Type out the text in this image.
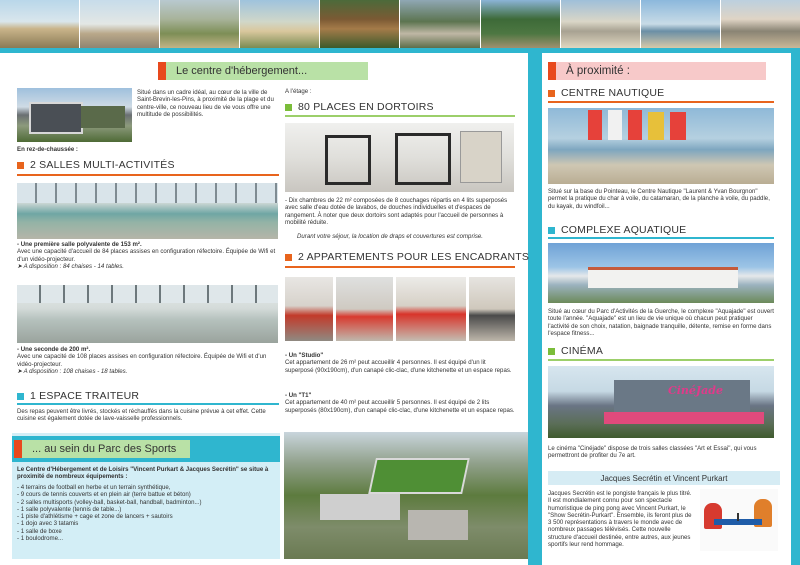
Le centre d'hébergement...
Situé dans un cadre idéal, au cœur de la ville de Saint-Brevin-les-Pins, à proximité de la plage et du centre-ville, ce nouveau lieu de vie vous offre une multitude de possibilités.
En rez-de-chaussée :
2 SALLES MULTI-ACTIVITÉS
- Une première salle polyvalente de 153 m².
Avec une capacité d'accueil de 84 places assises en configuration réfectoire. Équipée de Wifi et d'un vidéo-projecteur.
➤ A disposition : 84 chaises - 14 tables.
- Une seconde de 200 m².
Avec une capacité de 108 places assises en configuration réfectoire. Équipée de Wifi et d'un vidéo-projecteur.
➤ A disposition : 108 chaises - 18 tables.
1 ESPACE TRAITEUR
Des repas peuvent être livrés, stockés et réchauffés dans la cuisine prévue à cet effet. Cette cuisine est également dotée de lave-vaisselle professionnels.
A l'étage :
80 PLACES EN DORTOIRS
- Dix chambres de 22 m² composées de 8 couchages répartis en 4 lits superposés avec salle d'eau dotée de lavabos, de douches individuelles et d'espaces de rangement. À noter que deux dortoirs sont adaptés pour l'accueil de personnes à mobilité réduite.
Durant votre séjour, la location de draps et couvertures est comprise.
2 APPARTEMENTS POUR LES ENCADRANTS
- Un "Studio"
Cet appartement de 26 m² peut accueillir 4 personnes. Il est équipé d'un lit superposé (90x190cm), d'un canapé clic-clac, d'une kitchenette et un espace repas.
- Un "T1"
Cet appartement de 40 m² peut accueillir 5 personnes. Il est équipé de 2 lits superposés (80x190cm), d'un canapé clic-clac, d'une kitchenette et un espace repas.
... au sein du Parc des Sports
Le Centre d'Hébergement et de Loisirs "Vincent Purkart & Jacques Secrétin" se situe à proximité de nombreux équipements :
- 4 terrains de football en herbe et un terrain synthétique,
- 9 cours de tennis couverts et en plein air (terre battue et béton)
- 2 salles multisports (volley-ball, basket-ball, handball, badminton...)
- 1 salle polyvalente (tennis de table...)
- 1 piste d'athlétisme + cage et zone de lancers + sautoirs
- 1 dojo avec 3 tatamis
- 1 salle de boxe
- 1 boulodrome...
À proximité :
CENTRE NAUTIQUE
Situé sur la base du Pointeau, le Centre Nautique "Laurent & Yvan Bourgnon" permet la pratique du char à voile, du catamaran, de la planche à voile, du paddle, du kayak, du windfoil...
COMPLEXE AQUATIQUE
Situé au cœur du Parc d'Activités de la Guerche, le complexe "Aquajade" est ouvert toute l'année. "Aquajade" est un lieu de vie unique où chacun peut pratiquer l'activité de son choix, natation, baignade tranquille, détente, remise en forme dans l'espace fitness...
CINÉMA
CinéJade
Le cinéma "Cinéjade" dispose de trois salles classées "Art et Essai", qui vous permettront de profiter du 7e art.
Jacques Secrétin et Vincent Purkart
Jacques Secrétin est le pongiste français le plus titré. Il est mondialement connu pour son spectacle humoristique de ping pong avec Vincent Purkart, le "Show Secrétin-Purkart". Ensemble, ils feront plus de 3 500 représentations à travers le monde avec de nombreux passages télévisés. Cette nouvelle structure d'accueil destinée, entre autres, aux jeunes sportifs leur rend hommage.
